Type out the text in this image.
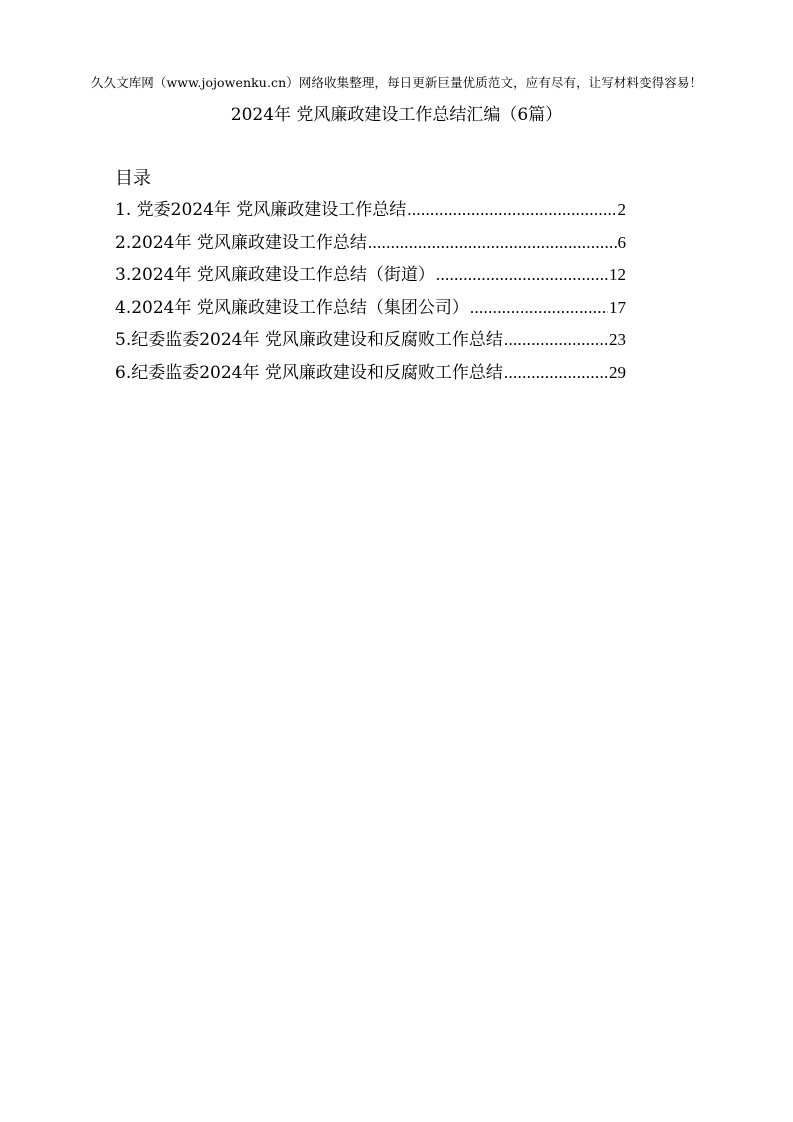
久久文库网（www.jojowenku.cn）网络收集整理，每日更新巨量优质范文，应有尽有，让写材料变得容易！
2024年 党风廉政建设工作总结汇编（6篇）
目录
1. 党委2024年 党风廉政建设工作总结 .....	2
2.2024年 党风廉政建设工作总结 .....	6
3.2024年 党风廉政建设工作总结（街道） .....	12
4.2024年 党风廉政建设工作总结（集团公司） .....	17
5.纪委监委2024年 党风廉政建设和反腐败工作总结 .....	23
6.纪委监委2024年 党风廉政建设和反腐败工作总结 .....	29
